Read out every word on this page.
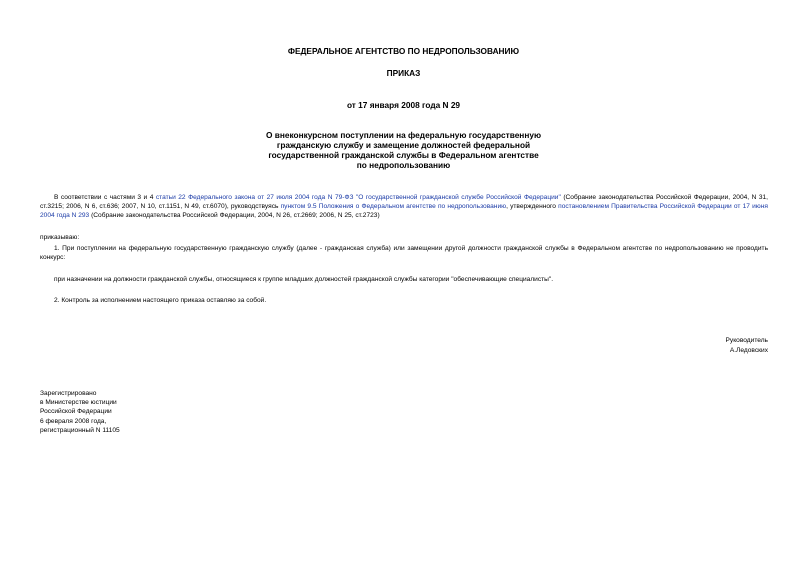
ФЕДЕРАЛЬНОЕ АГЕНТСТВО ПО НЕДРОПОЛЬЗОВАНИЮ
ПРИКАЗ
от 17 января 2008 года N 29
О внеконкурсном поступлении на федеральную государственную
гражданскую службу и замещение должностей федеральной
государственной гражданской службы в Федеральном агентстве
по недропользованию
В соответствии с частями 3 и 4 статьи 22 Федерального закона от 27 июля 2004 года N 79-ФЗ "О государственной гражданской службе Российской Федерации" (Собрание законодательства Российской Федерации, 2004, N 31, ст.3215; 2006, N 6, ст.636; 2007, N 10, ст.1151, N 49, ст.6070), руководствуясь пунктом 9.5 Положения о Федеральном агентстве по недропользованию, утвержденного постановлением Правительства Российской Федерации от 17 июня 2004 года N 293 (Собрание законодательства Российской Федерации, 2004, N 26, ст.2669; 2006, N 25, ст.2723)
приказываю:
1. При поступлении на федеральную государственную гражданскую службу (далее - гражданская служба) или замещении другой должности гражданской службы в Федеральном агентстве по недропользованию не проводить конкурс:
при назначении на должности гражданской службы, относящиеся к группе младших должностей гражданской службы категории "обеспечивающие специалисты".
2. Контроль за исполнением настоящего приказа оставляю за собой.
Руководитель
А.Ледовских
Зарегистрировано
в Министерстве юстиции
Российской Федерации
6 февраля 2008 года,
регистрационный N 11105
